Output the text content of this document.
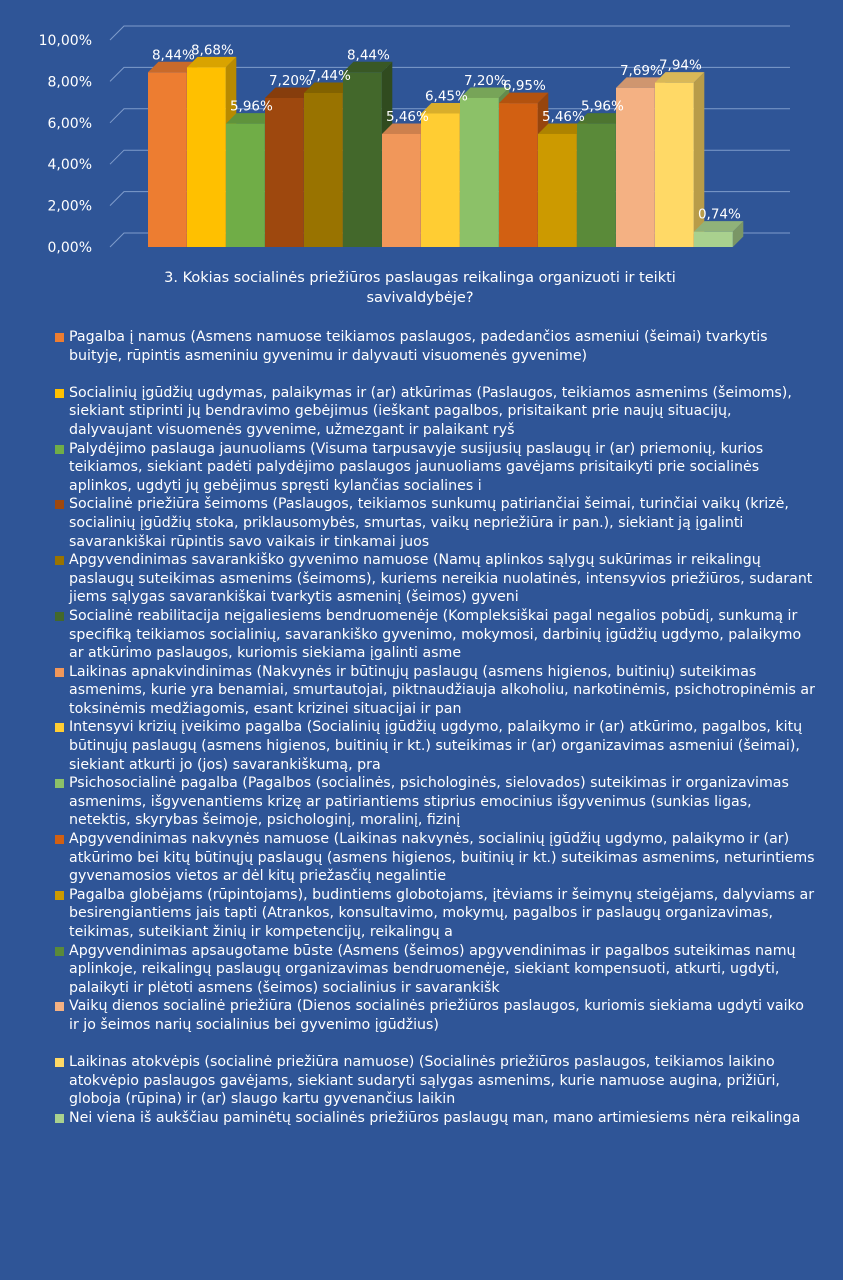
0,00%
2,00%
4,00%
6,00%
8,00%
10,00%
8,44%
8,68%
5,96%
7,20%
7,44%
8,44%
5,46%
6,45%
7,20%
6,95%
5,46%
5,96%
7,69%
7,94%
0,74%
3. Kokias socialinės priežiūros paslaugas reikalinga organizuoti ir teikti
savivaldybėje?
Pagalba į namus (Asmens namuose teikiamos paslaugos, padedančios asmeniui (šeimai) tvarkytis buityje, rūpintis asmeniniu gyvenimu ir dalyvauti visuomenės gyvenime)
Socialinių įgūdžių ugdymas, palaikymas ir (ar) atkūrimas (Paslaugos, teikiamos asmenims (šeimoms), siekiant stiprinti jų bendravimo gebėjimus (ieškant pagalbos, prisitaikant prie naujų situacijų, dalyvaujant visuomenės gyvenime, užmezgant ir palaikant ryš
Palydėjimo paslauga jaunuoliams (Visuma tarpusavyje susijusių paslaugų ir (ar) priemonių, kurios teikiamos, siekiant padėti palydėjimo paslaugos jaunuoliams gavėjams prisitaikyti prie socialinės aplinkos, ugdyti jų gebėjimus spręsti kylančias socialines i
Socialinė priežiūra šeimoms (Paslaugos, teikiamos sunkumų patiriančiai šeimai, turinčiai vaikų (krizė, socialinių įgūdžių stoka, priklausomybės, smurtas, vaikų nepriežiūra ir pan.), siekiant ją įgalinti savarankiškai rūpintis savo vaikais ir tinkamai juos
Apgyvendinimas savarankiško gyvenimo namuose (Namų aplinkos sąlygų sukūrimas ir reikalingų paslaugų suteikimas asmenims (šeimoms), kuriems nereikia nuolatinės, intensyvios priežiūros, sudarant jiems sąlygas savarankiškai tvarkytis asmeninį (šeimos) gyveni
Socialinė reabilitacija neįgaliesiems bendruomenėje (Kompleksiškai pagal negalios pobūdį, sunkumą ir specifiką teikiamos socialinių, savarankiško gyvenimo, mokymosi, darbinių įgūdžių ugdymo, palaikymo ar atkūrimo paslaugos, kuriomis siekiama įgalinti asme
Laikinas apnakvindinimas (Nakvynės ir būtinųjų paslaugų (asmens higienos, buitinių) suteikimas asmenims, kurie yra benamiai, smurtautojai, piktnaudžiauja alkoholiu, narkotinėmis, psichotropinėmis ar toksinėmis medžiagomis, esant krizinei situacijai ir pan
Intensyvi krizių įveikimo pagalba (Socialinių įgūdžių ugdymo, palaikymo ir (ar) atkūrimo, pagalbos, kitų būtinųjų paslaugų (asmens higienos, buitinių ir kt.) suteikimas ir (ar) organizavimas asmeniui (šeimai), siekiant atkurti jo (jos) savarankiškumą, pra
Psichosocialinė pagalba (Pagalbos (socialinės, psichologinės, sielovados) suteikimas ir organizavimas asmenims, išgyvenantiems krizę ar patiriantiems stiprius emocinius išgyvenimus (sunkias ligas, netektis, skyrybas šeimoje, psichologinį, moralinį, fizinį
Apgyvendinimas nakvynės namuose (Laikinas nakvynės, socialinių įgūdžių ugdymo, palaikymo ir (ar) atkūrimo bei kitų būtinųjų paslaugų (asmens higienos, buitinių ir kt.) suteikimas asmenims, neturintiems gyvenamosios vietos ar dėl kitų priežasčių negalintie
Pagalba globėjams (rūpintojams), budintiems globotojams, įtėviams ir šeimynų steigėjams, dalyviams ar besirengiantiems jais tapti (Atrankos, konsultavimo, mokymų, pagalbos ir paslaugų organizavimas, teikimas, suteikiant žinių ir kompetencijų, reikalingų a
Apgyvendinimas apsaugotame būste (Asmens (šeimos) apgyvendinimas ir pagalbos suteikimas namų aplinkoje, reikalingų paslaugų organizavimas bendruomenėje, siekiant kompensuoti, atkurti, ugdyti, palaikyti ir plėtoti asmens (šeimos) socialinius ir savarankišk
Vaikų dienos socialinė priežiūra (Dienos socialinės priežiūros paslaugos, kuriomis siekiama ugdyti vaiko ir jo šeimos narių socialinius bei gyvenimo įgūdžius)
Laikinas atokvėpis (socialinė priežiūra namuose) (Socialinės priežiūros paslaugos, teikiamos laikino atokvėpio paslaugos gavėjams, siekiant sudaryti sąlygas asmenims, kurie namuose augina, prižiūri, globoja (rūpina) ir (ar) slaugo kartu gyvenančius laikin
Nei viena iš aukščiau paminėtų socialinės priežiūros paslaugų man, mano artimiesiems nėra reikalinga
